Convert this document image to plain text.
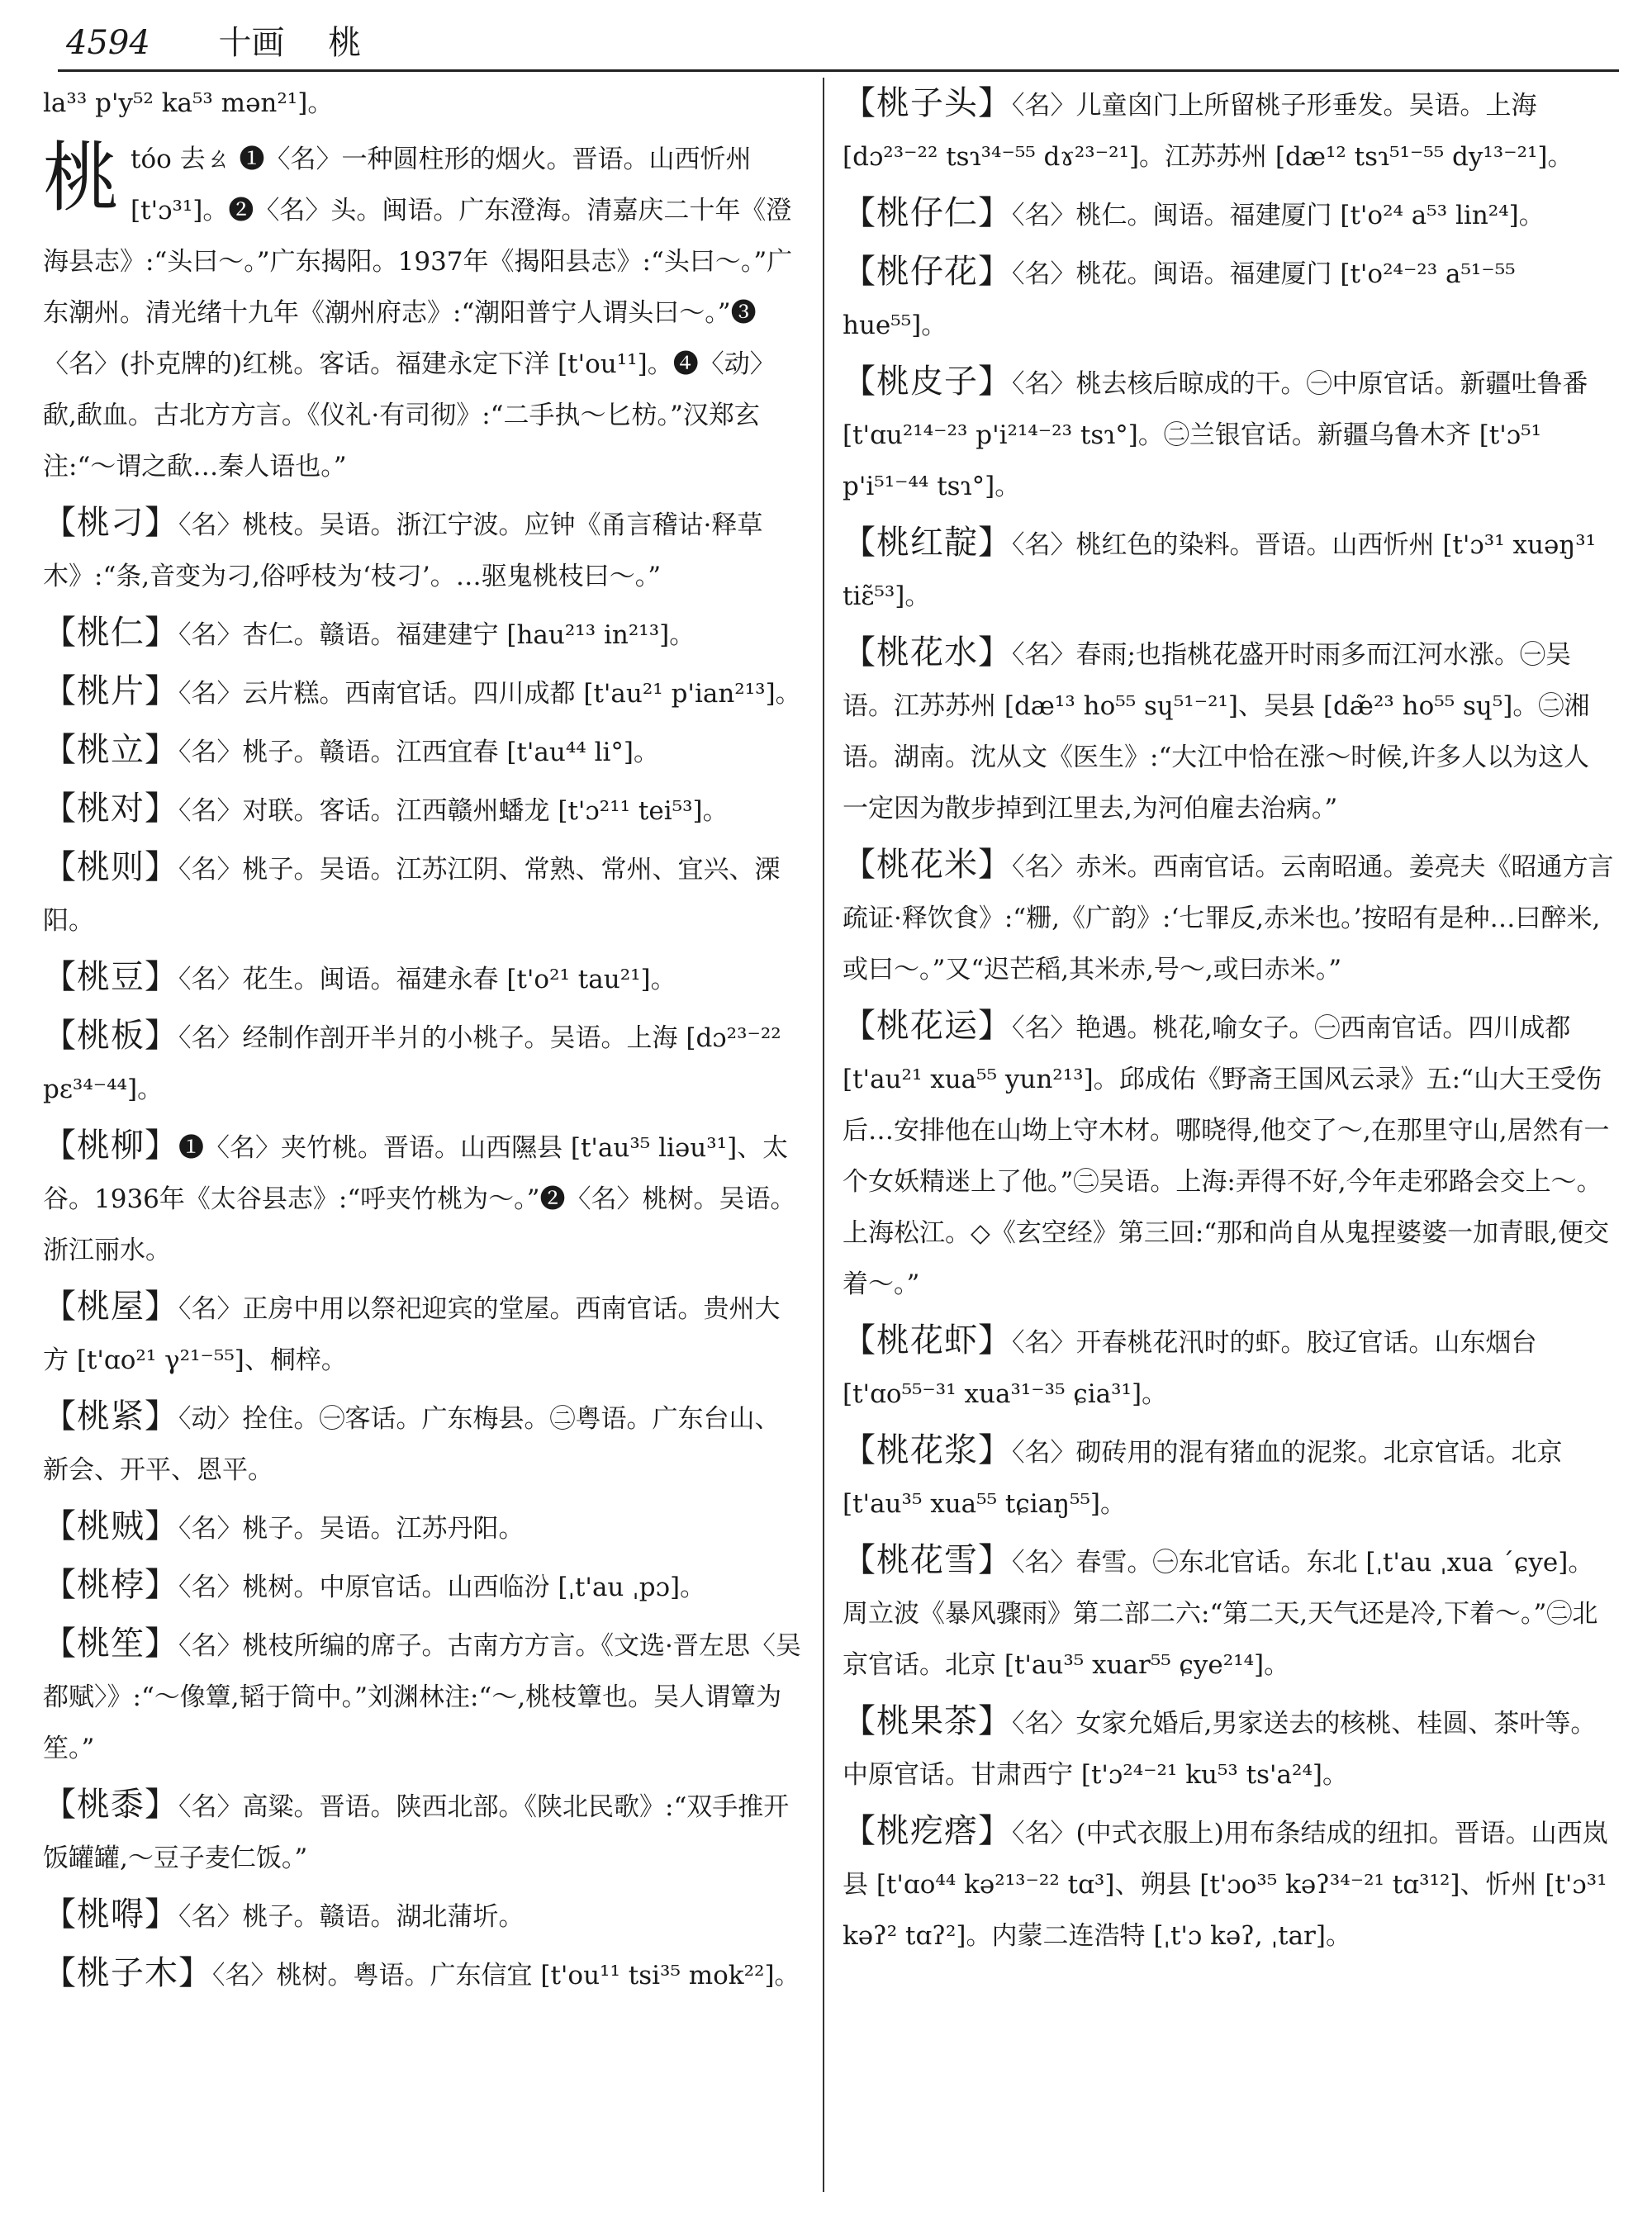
4594 十画 桃

la³³ p'y⁵² ka⁵³ mən²¹]。

桃tóo 去ㄠ ❶〈名〉一种圆柱形的烟火。晋语。山西忻州 [t'ɔ³¹]。❷〈名〉头。闽语。广东澄海。清嘉庆二十年《澄海县志》:“头曰～。”广东揭阳。1937年《揭阳县志》:“头曰～。”广东潮州。清光绪十九年《潮州府志》:“潮阳普宁人谓头曰～。”❸〈名〉(扑克牌的)红桃。客话。福建永定下洋 [t'ou¹¹]。❹〈动〉歃,歃血。古北方方言。《仪礼·有司彻》:“二手执～匕枋。”汉郑玄注:“～谓之歃…秦人语也。”

【桃刁】〈名〉桃枝。吴语。浙江宁波。应钟《甬言稽诂·释草木》:“条,音变为刁,俗呼枝为‘枝刁’。…驱鬼桃枝曰～。”

【桃仁】〈名〉杏仁。赣语。福建建宁 [hau²¹³ in²¹³]。

【桃片】〈名〉云片糕。西南官话。四川成都 [t'au²¹ p'ian²¹³]。

【桃立】〈名〉桃子。赣语。江西宜春 [t'au⁴⁴ li°]。

【桃对】〈名〉对联。客话。江西赣州蟠龙 [t'ɔ²¹¹ tei⁵³]。

【桃则】〈名〉桃子。吴语。江苏江阴、常熟、常州、宜兴、溧阳。

【桃豆】〈名〉花生。闽语。福建永春 [t'o²¹ tau²¹]。

【桃板】〈名〉经制作剖开半爿的小桃子。吴语。上海 [dɔ²³⁻²² pɛ³⁴⁻⁴⁴]。

【桃柳】❶〈名〉夹竹桃。晋语。山西隰县 [t'au³⁵ liəu³¹]、太谷。1936年《太谷县志》:“呼夹竹桃为～。”❷〈名〉桃树。吴语。浙江丽水。

【桃屋】〈名〉正房中用以祭祀迎宾的堂屋。西南官话。贵州大方 [t'ɑo²¹ γ²¹⁻⁵⁵]、桐梓。

【桃紧】〈动〉拴住。㊀客话。广东梅县。㊁粤语。广东台山、新会、开平、恩平。

【桃贼】〈名〉桃子。吴语。江苏丹阳。

【桃桲】〈名〉桃树。中原官话。山西临汾 [ˌt'au ˌpɔ]。

【桃笙】〈名〉桃枝所编的席子。古南方方言。《文选·晋左思〈吴都赋〉》:“～像簟,韬于筒中。”刘渊林注:“～,桃枝簟也。吴人谓簟为笙。”

【桃黍】〈名〉高粱。晋语。陕西北部。《陕北民歌》:“双手推开饭罐罐,～豆子麦仁饭。”

【桃嘚】〈名〉桃子。赣语。湖北蒲圻。

【桃子木】〈名〉桃树。粤语。广东信宜 [t'ou¹¹ tsi³⁵ mok²²]。

【桃子头】〈名〉儿童囟门上所留桃子形垂发。吴语。上海 [dɔ²³⁻²² tsɿ³⁴⁻⁵⁵ dɤ²³⁻²¹]。江苏苏州 [dæ¹² tsɿ⁵¹⁻⁵⁵ dy¹³⁻²¹]。

【桃仔仁】〈名〉桃仁。闽语。福建厦门 [t'o²⁴ a⁵³ lin²⁴]。

【桃仔花】〈名〉桃花。闽语。福建厦门 [t'o²⁴⁻²³ a⁵¹⁻⁵⁵ hue⁵⁵]。

【桃皮子】〈名〉桃去核后晾成的干。㊀中原官话。新疆吐鲁番 [t'ɑu²¹⁴⁻²³ p'i²¹⁴⁻²³ tsɿ°]。㊁兰银官话。新疆乌鲁木齐 [t'ɔ⁵¹ p'i⁵¹⁻⁴⁴ tsɿ°]。

【桃红靛】〈名〉桃红色的染料。晋语。山西忻州 [t'ɔ³¹ xuəŋ³¹ tiɛ̃⁵³]。

【桃花水】〈名〉春雨;也指桃花盛开时雨多而江河水涨。㊀吴语。江苏苏州 [dæ¹³ ho⁵⁵ sɥ⁵¹⁻²¹]、吴县 [dæ̃²³ ho⁵⁵ sɥ⁵]。㊁湘语。湖南。沈从文《医生》:“大江中恰在涨～时候,许多人以为这人一定因为散步掉到江里去,为河伯雇去治病。”

【桃花米】〈名〉赤米。西南官话。云南昭通。姜亮夫《昭通方言疏证·释饮食》:“粣,《广韵》:‘七罪反,赤米也。’按昭有是种…曰醉米,或曰～。”又“迟芒稻,其米赤,号～,或曰赤米。”

【桃花运】〈名〉艳遇。桃花,喻女子。㊀西南官话。四川成都 [t'au²¹ xua⁵⁵ yun²¹³]。邱成佑《野斋王国风云录》五:“山大王受伤后…安排他在山坳上守木材。哪晓得,他交了～,在那里守山,居然有一个女妖精迷上了他。”㊁吴语。上海:弄得不好,今年走邪路会交上～。上海松江。◇《玄空经》第三回:“那和尚自从鬼捏婆婆一加青眼,便交着～。”

【桃花虾】〈名〉开春桃花汛时的虾。胶辽官话。山东烟台 [t'ɑo⁵⁵⁻³¹ xua³¹⁻³⁵ ɕia³¹]。

【桃花浆】〈名〉砌砖用的混有猪血的泥浆。北京官话。北京 [t'au³⁵ xua⁵⁵ tɕiaŋ⁵⁵]。

【桃花雪】〈名〉春雪。㊀东北官话。东北 [ˌt'au ˌxua ˊɕye]。周立波《暴风骤雨》第二部二六:“第二天,天气还是冷,下着～。”㊁北京官话。北京 [t'au³⁵ xuar⁵⁵ ɕye²¹⁴]。

【桃果茶】〈名〉女家允婚后,男家送去的核桃、桂圆、茶叶等。中原官话。甘肃西宁 [t'ɔ²⁴⁻²¹ ku⁵³ ts'a²⁴]。

【桃疙瘩】〈名〉(中式衣服上)用布条结成的纽扣。晋语。山西岚县 [t'ɑo⁴⁴ kə²¹³⁻²² tɑ³]、朔县 [t'ɔo³⁵ kəʔ³⁴⁻²¹ tɑ³¹²]、忻州 [t'ɔ³¹ kəʔ² tɑʔ²]。内蒙二连浩特 [ˌt'ɔ kəʔ, ˌtar]。
